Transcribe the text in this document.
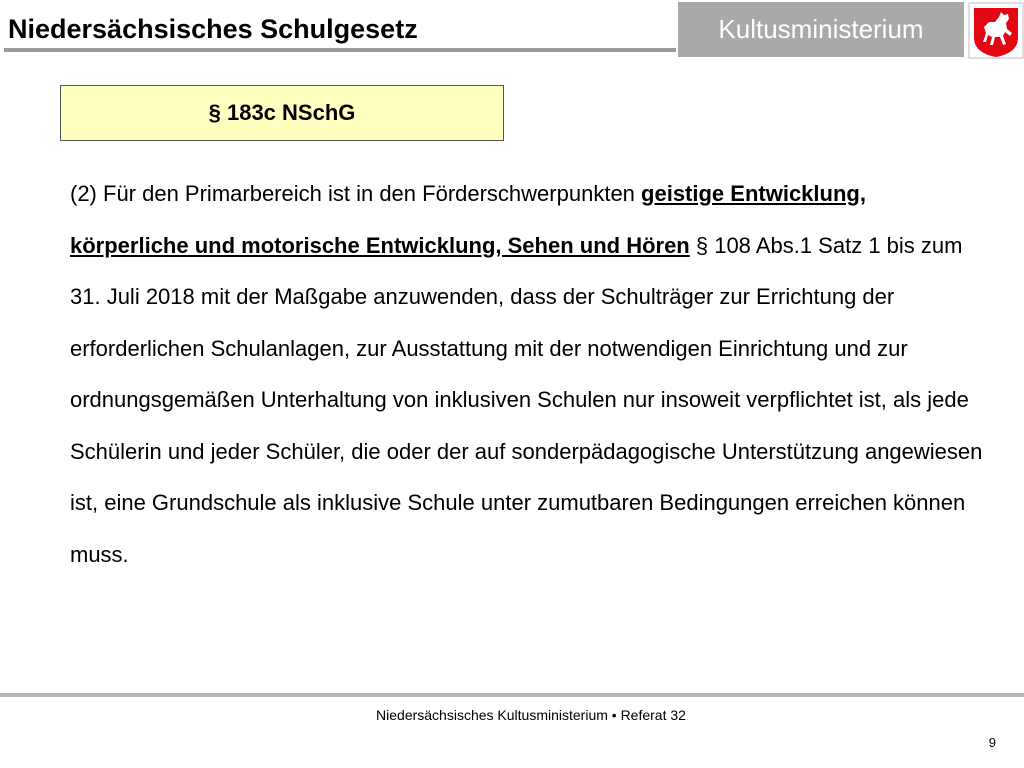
Niedersächsisches Schulgesetz	Kultusministerium
§ 183c NSchG
(2) Für den Primarbereich ist in den Förderschwerpunkten geistige Entwicklung, körperliche und motorische Entwicklung, Sehen und Hören § 108 Abs.1 Satz 1 bis zum 31. Juli 2018 mit der Maßgabe anzuwenden, dass der Schulträger zur Errichtung der erforderlichen Schulanlagen, zur Ausstattung mit der notwendigen Einrichtung und zur ordnungsgemäßen Unterhaltung von inklusiven Schulen nur insoweit verpflichtet ist, als jede Schülerin und jeder Schüler, die oder der auf sonderpädagogische Unterstützung angewiesen ist, eine Grundschule als inklusive Schule unter zumutbaren Bedingungen erreichen können muss.
Niedersächsisches Kultusministerium • Referat 32
9
